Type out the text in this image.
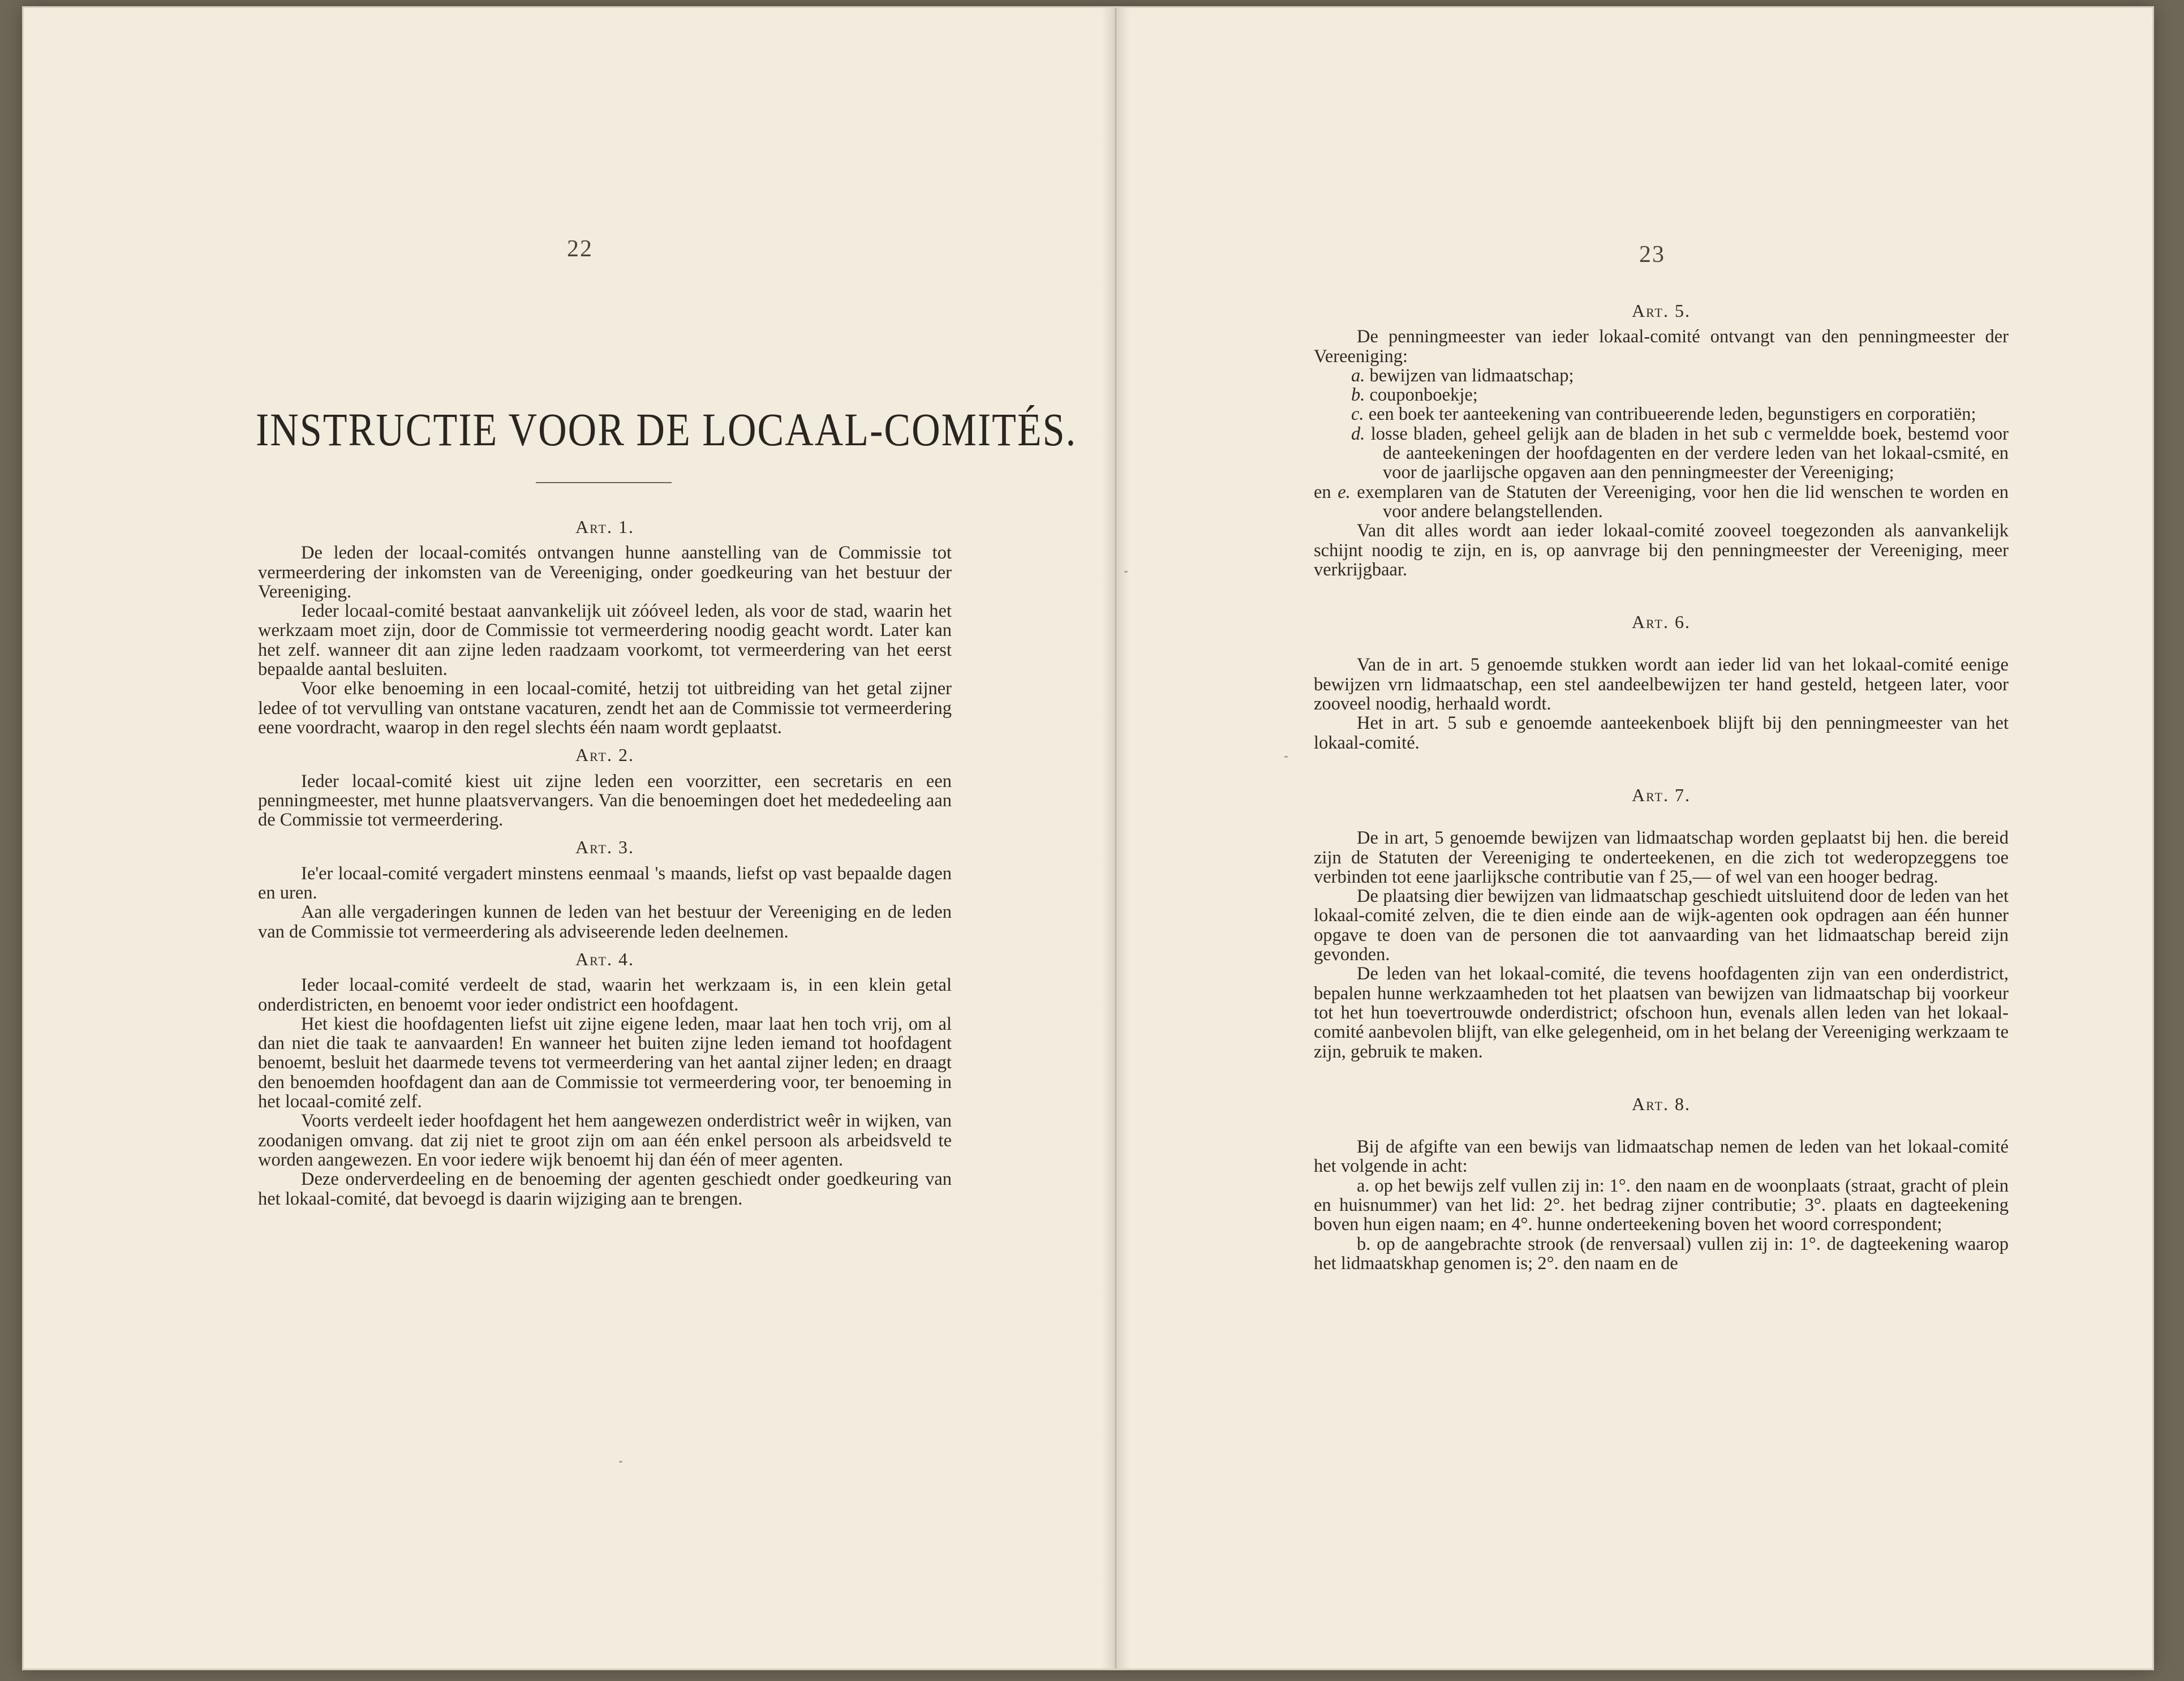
22
INSTRUCTIE VOOR DE LOCAAL-COMITÉS.
Art. 1.

De leden der locaal-comités ontvangen hunne aanstelling van de Commissie tot vermeerdering der inkomsten van de Vereeniging, onder goedkeuring van het bestuur der Vereeniging.

Ieder locaal-comité bestaat aanvankelijk uit zóóveel leden, als voor de stad, waarin het werkzaam moet zijn, door de Commissie tot vermeerdering noodig geacht wordt. Later kan het zelf. wanneer dit aan zijne leden raadzaam voorkomt, tot vermeerdering van het eerst bepaalde aantal besluiten.

Voor elke benoeming in een locaal-comité, hetzij tot uitbreiding van het getal zijner ledee of tot vervulling van ontstane vacaturen, zendt het aan de Commissie tot vermeerdering eene voordracht, waarop in den regel slechts één naam wordt geplaatst.

Art. 2.

Ieder locaal-comité kiest uit zijne leden een voorzitter, een secretaris en een penningmeester, met hunne plaatsvervangers. Van die benoemingen doet het mededeeling aan de Commissie tot vermeerdering.

Art. 3.

Ie'er locaal-comité vergadert minstens eenmaal 's maands, liefst op vast bepaalde dagen en uren.

Aan alle vergaderingen kunnen de leden van het bestuur der Vereeniging en de leden van de Commissie tot vermeerdering als adviseerende leden deelnemen.

Art. 4.

Ieder locaal-comité verdeelt de stad, waarin het werkzaam is, in een klein getal onderdistricten, en benoemt voor ieder ondistrict een hoofdagent.

Het kiest die hoofdagenten liefst uit zijne eigene leden, maar laat hen toch vrij, om al dan niet die taak te aanvaarden! En wanneer het buiten zijne leden iemand tot hoofdagent benoemt, besluit het daarmede tevens tot vermeerdering van het aantal zijner leden; en draagt den benoemden hoofdagent dan aan de Commissie tot vermeerdering voor, ter benoeming in het locaal-comité zelf.

Voorts verdeelt ieder hoofdagent het hem aangewezen onderdistrict weêr in wijken, van zoodanigen omvang. dat zij niet te groot zijn om aan één enkel persoon als arbeidsveld te worden aangewezen. En voor iedere wijk benoemt hij dan één of meer agenten.

Deze onderverdeeling en de benoeming der agenten geschiedt onder goedkeuring van het lokaal-comité, dat bevoegd is daarin wijziging aan te brengen.

23
Art. 5.

De penningmeester van ieder lokaal-comité ontvangt van den penningmeester der Vereeniging:

a. bewijzen van lidmaatschap;

b. couponboekje;

c. een boek ter aanteekening van contribueerende leden, begunstigers en corporatiën;

d. losse bladen, geheel gelijk aan de bladen in het sub c vermeldde boek, bestemd voor de aanteekeningen der hoofdagenten en der verdere leden van het lokaal-csmité, en voor de jaarlijsche opgaven aan den penningmeester der Vereeniging;

en e. exemplaren van de Statuten der Vereeniging, voor hen die lid wenschen te worden en voor andere belangstellenden.

Van dit alles wordt aan ieder lokaal-comité zooveel toegezonden als aanvankelijk schijnt noodig te zijn, en is, op aanvrage bij den penningmeester der Vereeniging, meer verkrijgbaar.

Art. 6.

Van de in art. 5 genoemde stukken wordt aan ieder lid van het lokaal-comité eenige bewijzen vrn lidmaatschap, een stel aandeelbewijzen ter hand gesteld, hetgeen later, voor zooveel noodig, herhaald wordt.

Het in art. 5 sub e genoemde aanteekenboek blijft bij den penningmeester van het lokaal-comité.

Art. 7.

De in art, 5 genoemde bewijzen van lidmaatschap worden geplaatst bij hen. die bereid zijn de Statuten der Vereeniging te onderteekenen, en die zich tot wederopzeggens toe verbinden tot eene jaarlijksche contributie van f 25,— of wel van een hooger bedrag.

De plaatsing dier bewijzen van lidmaatschap geschiedt uitsluitend door de leden van het lokaal-comité zelven, die te dien einde aan de wijk-agenten ook opdragen aan één hunner opgave te doen van de personen die tot aanvaarding van het lidmaatschap bereid zijn gevonden.

De leden van het lokaal-comité, die tevens hoofdagenten zijn van een onderdistrict, bepalen hunne werkzaamheden tot het plaatsen van bewijzen van lidmaatschap bij voorkeur tot het hun toevertrouwde onderdistrict; ofschoon hun, evenals allen leden van het lokaal-comité aanbevolen blijft, van elke gelegenheid, om in het belang der Vereeniging werkzaam te zijn, gebruik te maken.

Art. 8.

Bij de afgifte van een bewijs van lidmaatschap nemen de leden van het lokaal-comité het volgende in acht:

a. op het bewijs zelf vullen zij in: 1°. den naam en de woonplaats (straat, gracht of plein en huisnummer) van het lid: 2°. het bedrag zijner contributie; 3°. plaats en dagteekening boven hun eigen naam; en 4°. hunne onderteekening boven het woord correspondent;

b. op de aangebrachte strook (de renversaal) vullen zij in: 1°. de dagteekening waarop het lidmaatskhap genomen is; 2°. den naam en de
